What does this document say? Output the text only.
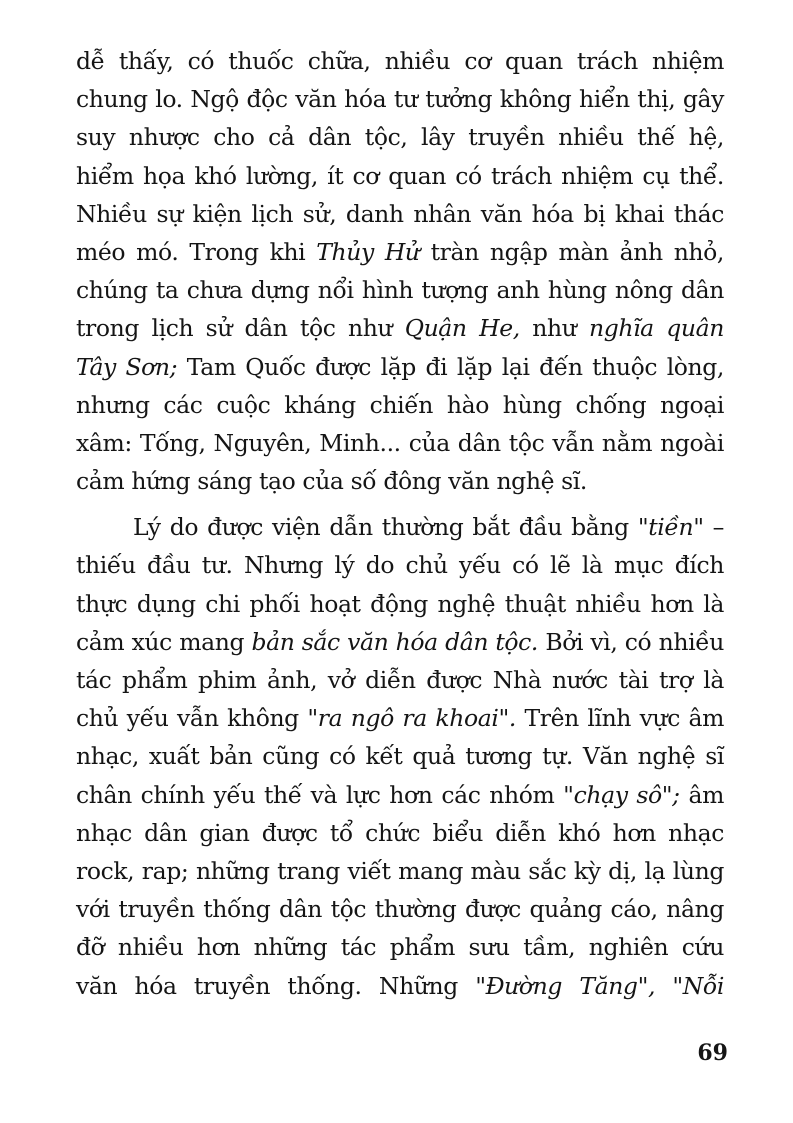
dễ thấy, có thuốc chữa, nhiều cơ quan trách nhiệm
chung lo. Ngộ độc văn hóa tư tưởng không hiển thị, gây
suy nhược cho cả dân tộc, lây truyền nhiều thế hệ,
hiểm họa khó lường, ít cơ quan có trách nhiệm cụ thể.
Nhiều sự kiện lịch sử, danh nhân văn hóa bị khai thác
méo mó. Trong khi Thủy Hử tràn ngập màn ảnh nhỏ,
chúng ta chưa dựng nổi hình tượng anh hùng nông dân
trong lịch sử dân tộc như Quận He, như nghĩa quân
Tây Sơn; Tam Quốc được lặp đi lặp lại đến thuộc lòng,
nhưng các cuộc kháng chiến hào hùng chống ngoại
xâm: Tống, Nguyên, Minh... của dân tộc vẫn nằm ngoài
cảm hứng sáng tạo của số đông văn nghệ sĩ.
Lý do được viện dẫn thường bắt đầu bằng "tiền" –
thiếu đầu tư. Nhưng lý do chủ yếu có lẽ là mục đích
thực dụng chi phối hoạt động nghệ thuật nhiều hơn là
cảm xúc mang bản sắc văn hóa dân tộc. Bởi vì, có nhiều
tác phẩm phim ảnh, vở diễn được Nhà nước tài trợ là
chủ yếu vẫn không "ra ngô ra khoai". Trên lĩnh vực âm
nhạc, xuất bản cũng có kết quả tương tự. Văn nghệ sĩ
chân chính yếu thế và lực hơn các nhóm "chạy sô"; âm
nhạc dân gian được tổ chức biểu diễn khó hơn nhạc
rock, rap; những trang viết mang màu sắc kỳ dị, lạ lùng
với truyền thống dân tộc thường được quảng cáo, nâng
đỡ nhiều hơn những tác phẩm sưu tầm, nghiên cứu
văn hóa truyền thống. Những "Đường Tăng", "Nỗi
69
